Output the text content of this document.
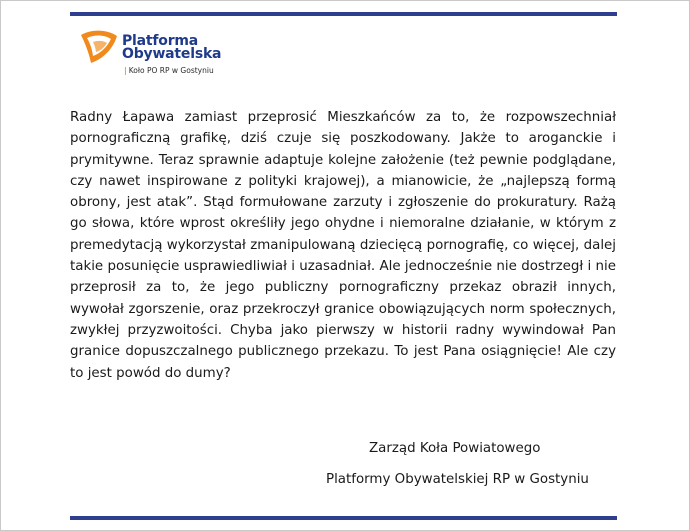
Platforma
Obywatelska
| Koło PO RP w Gostyniu

Radny Łapawa zamiast przeprosić Mieszkańców za to, że rozpowszechniał pornograficzną grafikę, dziś czuje się poszkodowany. Jakże to aroganckie i prymitywne. Teraz sprawnie adaptuje kolejne założenie (też pewnie podglądane, czy nawet inspirowane z polityki krajowej), a mianowicie, że „najlepszą formą obrony, jest atak”. Stąd formułowane zarzuty i zgłoszenie do prokuratury. Rażą go słowa, które wprost określiły jego ohydne i niemoralne działanie, w którym z premedytacją wykorzystał zmanipulowaną dziecięcą pornografię, co więcej, dalej takie posunięcie usprawiedliwiał i uzasadniał. Ale jednocześnie nie dostrzegł i nie przeprosił za to, że jego publiczny pornograficzny przekaz obraził innych, wywołał zgorszenie, oraz przekroczył granice obowiązujących norm społecznych, zwykłej przyzwoitości. Chyba jako pierwszy w historii radny wywindował Pan granice dopuszczalnego publicznego przekazu. To jest Pana osiągnięcie! Ale czy to jest powód do dumy?

Zarząd Koła Powiatowego
Platformy Obywatelskiej RP w Gostyniu
